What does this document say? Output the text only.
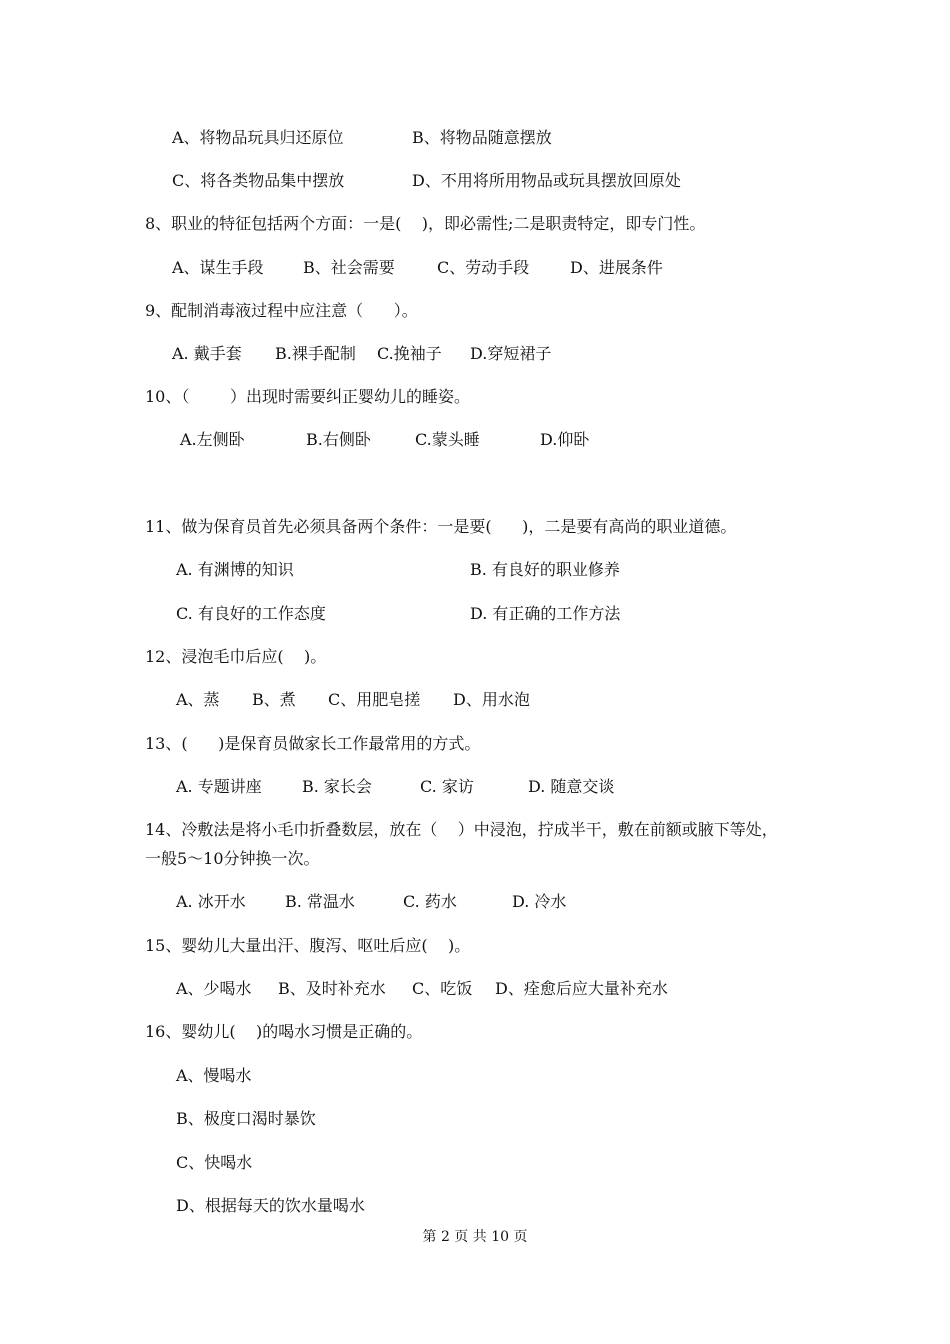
A、将物品玩具归还原位	B、将物品随意摆放
C、将各类物品集中摆放	D、不用将所用物品或玩具摆放回原处
8、职业的特征包括两个方面：一是(    )，即必需性;二是职责特定，即专门性。
A、谋生手段 B、社会需要	C、劳动手段	D、进展条件
9、配制消毒液过程中应注意（      ）。
A. 戴手套 B.裸手配制 C.挽袖子 D.穿短裙子
10、（        ）出现时需要纠正婴幼儿的睡姿。
A.左侧卧	B.右侧卧	C.蒙头睡	D.仰卧
11、做为保育员首先必须具备两个条件：一是要(      )，二是要有高尚的职业道德。
A. 有渊博的知识	B. 有良好的职业修养
C. 有良好的工作态度	D. 有正确的工作方法
12、浸泡毛巾后应(    )。
A、蒸 B、煮 C、用肥皂搓 D、用水泡
13、(      )是保育员做家长工作最常用的方式。
A. 专题讲座	B. 家长会	C. 家访	D. 随意交谈
14、冷敷法是将小毛巾折叠数层，放在（    ）中浸泡，拧成半干，敷在前额或腋下等处，
一般5～10分钟换一次。
A. 冰开水 B. 常温水	C. 药水	D. 冷水
15、婴幼儿大量出汗、腹泻、呕吐后应(    )。
A、少喝水 B、及时补充水 C、吃饭 D、痊愈后应大量补充水
16、婴幼儿(    )的喝水习惯是正确的。
A、慢喝水
B、极度口渴时暴饮
C、快喝水
D、根据每天的饮水量喝水
第 2 页 共 10 页
